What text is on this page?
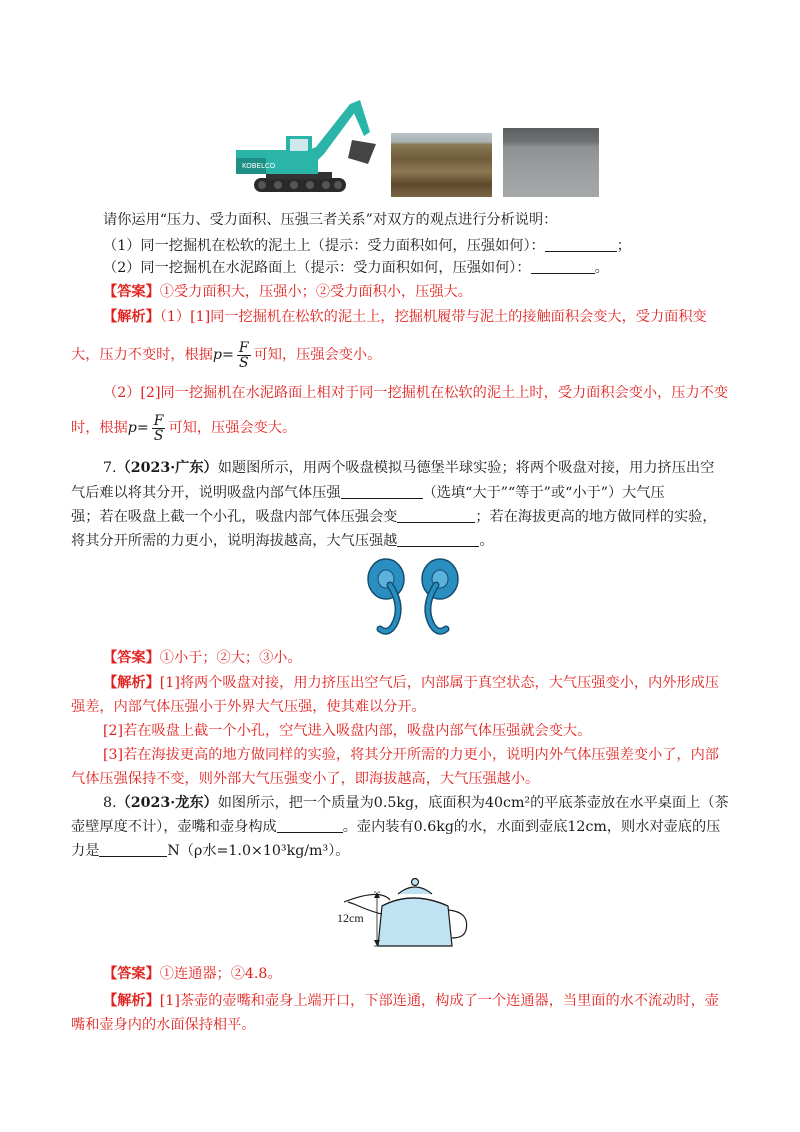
KOBELCO
请你运用“压力、受力面积、压强三者关系”对双方的观点进行分析说明：
（1）同一挖掘机在松软的泥土上（提示：受力面积如何，压强如何）：	；
（2）同一挖掘机在水泥路面上（提示：受力面积如何，压强如何）：	。
【答案】①受力面积大，压强小；②受力面积小，压强大。
【解析】（1）[1]同一挖掘机在松软的泥土上，挖掘机履带与泥土的接触面积会变大，受力面积变
大，压力不变时，根据$p= \frac{F}{S}$ 可知，压强会变小。
（2）[2]同一挖掘机在水泥路面上相对于同一挖掘机在松软的泥土上时，受力面积会变小，压力不变
时，根据$p= \frac{F}{S}$ 可知，压强会变大。
7.（2023·广东）如题图所示，用两个吸盘模拟马德堡半球实验；将两个吸盘对接，用力挤压出空
气后难以将其分开，说明吸盘内部气体压强	（选填“大于”“等于”或“小于”）大气压
强；若在吸盘上截一个小孔，吸盘内部气体压强会变	；若在海拔更高的地方做同样的实验，
将其分开所需的力更小，说明海拔越高，大气压强越	。
【答案】①小于；②大；③小。
【解析】[1]将两个吸盘对接，用力挤压出空气后，内部属于真空状态，大气压强变小，内外形成压
强差，内部气体压强小于外界大气压强，使其难以分开。
[2]若在吸盘上截一个小孔，空气进入吸盘内部，吸盘内部气体压强就会变大。
[3]若在海拔更高的地方做同样的实验，将其分开所需的力更小，说明内外气体压强差变小了，内部
气体压强保持不变，则外部大气压强变小了，即海拔越高，大气压强越小。
8.（2023·龙东）如图所示，把一个质量为0.5kg，底面积为40cm²的平底茶壶放在水平桌面上（茶
壶壁厚度不计），壶嘴和壶身构成	。壶内装有0.6kg的水，水面到壶底12cm，则水对壶底的压
力是	N（ρ水=1.0×10³kg/m³）。
12cm
【答案】①连通器；②4.8。
【解析】[1]茶壶的壶嘴和壶身上端开口，下部连通，构成了一个连通器，当里面的水不流动时，壶
嘴和壶身内的水面保持相平。
